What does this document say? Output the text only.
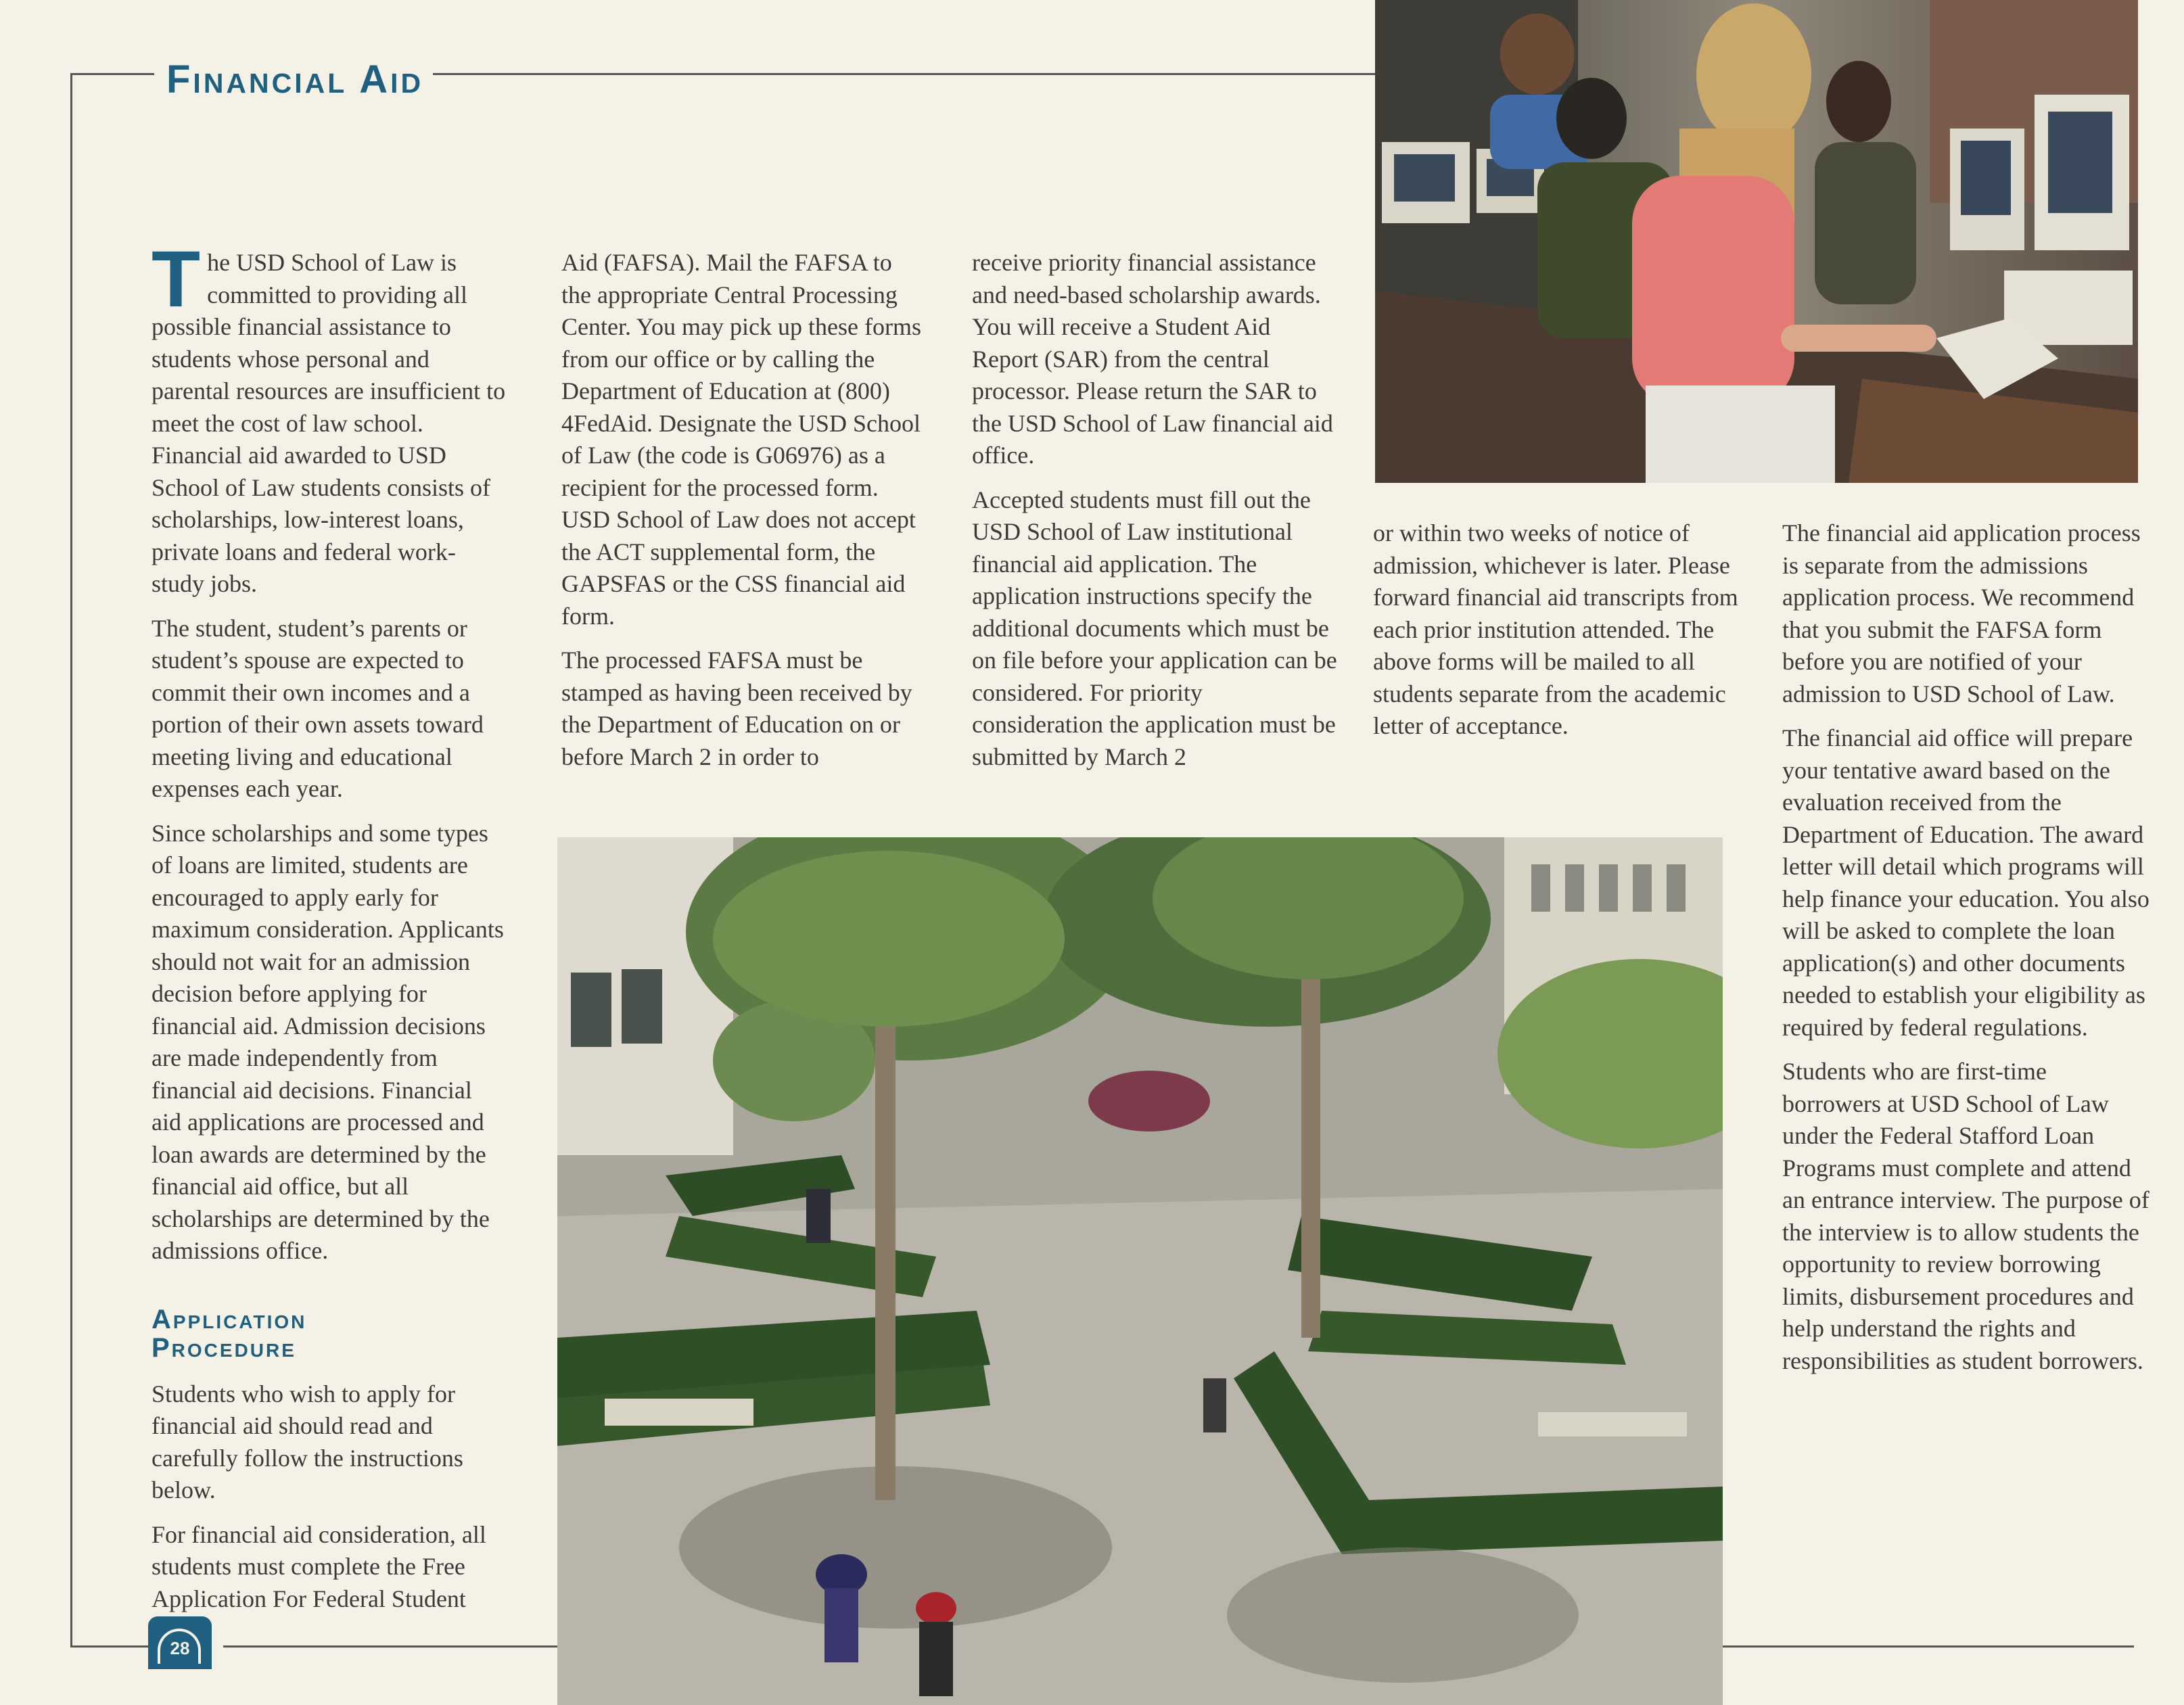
Financial Aid

The USD School of Law is committed to providing all possible financial assistance to students whose personal and parental resources are insufficient to meet the cost of law school. Financial aid awarded to USD School of Law students consists of scholarships, low-interest loans, private loans and federal work-study jobs.

The student, student’s parents or student’s spouse are expected to commit their own incomes and a portion of their own assets toward meeting living and educational expenses each year.

Since scholarships and some types of loans are limited, students are encouraged to apply early for maximum consideration. Applicants should not wait for an admission decision before applying for financial aid. Admission decisions are made independently from financial aid decisions. Financial aid applications are processed and loan awards are determined by the financial aid office, but all scholarships are determined by the admissions office.

Application Procedure

Students who wish to apply for financial aid should read and carefully follow the instructions below.

For financial aid consideration, all students must complete the Free Application For Federal Student

Aid (FAFSA). Mail the FAFSA to the appropriate Central Processing Center. You may pick up these forms from our office or by calling the Department of Education at (800) 4FedAid. Designate the USD School of Law (the code is G06976) as a recipient for the processed form. USD School of Law does not accept the ACT supplemental form, the GAPSFAS or the CSS financial aid form.

The processed FAFSA must be stamped as having been received by the Department of Education on or before March 2 in order to

receive priority financial assistance and need-based scholarship awards. You will receive a Student Aid Report (SAR) from the central processor. Please return the SAR to the USD School of Law financial aid office.

Accepted students must fill out the USD School of Law institutional financial aid application. The application instructions specify the additional documents which must be on file before your application can be considered. For priority consideration the application must be submitted by March 2

or within two weeks of notice of admission, whichever is later. Please forward financial aid transcripts from each prior institution attended. The above forms will be mailed to all students separate from the academic letter of acceptance.

The financial aid application process is separate from the admissions application process. We recommend that you submit the FAFSA form before you are notified of your admission to USD School of Law.

The financial aid office will prepare your tentative award based on the evaluation received from the Department of Education. The award letter will detail which programs will help finance your education. You also will be asked to complete the loan application(s) and other documents needed to establish your eligibility as required by federal regulations.

Students who are first-time borrowers at USD School of Law under the Federal Stafford Loan Programs must complete and attend an entrance interview. The purpose of the interview is to allow students the opportunity to review borrowing limits, disbursement procedures and help understand the rights and responsibilities as student borrowers.

28
